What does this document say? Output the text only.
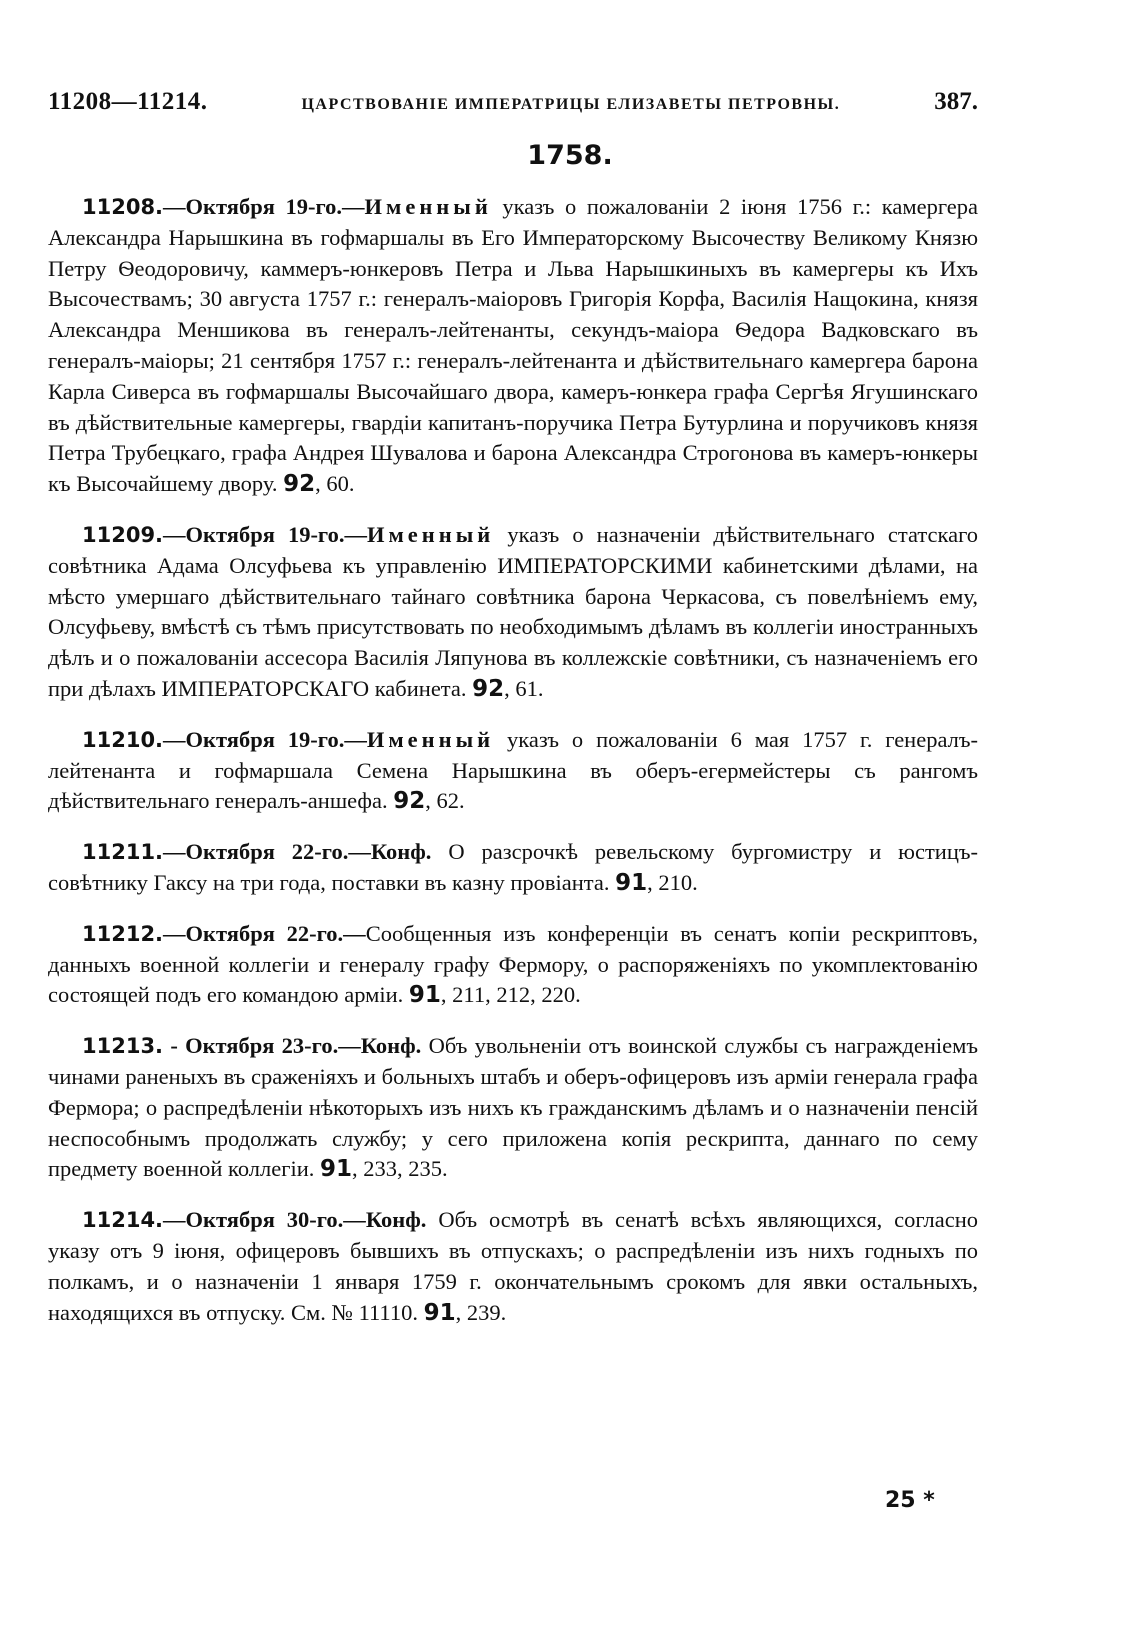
11208—11214.	ЦАРСТВОВАНІЕ ИМПЕРАТРИЦЫ ЕЛИЗАВЕТЫ ПЕТРОВНЫ.	387.
1758.

11208.—Октября 19-го.—Именный указъ о пожалованіи 2 іюня 1756 г.: камергера Александра Нарышкина въ гофмаршалы въ Его Императорскому Высочеству Великому Князю Петру Ѳеодоровичу, каммеръ-юнкеровъ Петра и Льва Нарышкиныхъ въ камергеры къ Ихъ Высочествамъ; 30 августа 1757 г.: генералъ-маіоровъ Григорія Корфа, Василія Нащокина, князя Александра Меншикова въ генералъ-лейтенанты, секундъ-маіора Ѳедора Вадковскаго въ генералъ-маіоры; 21 сентября 1757 г.: генералъ-лейтенанта и дѣйствительнаго камергера барона Карла Сиверса въ гофмаршалы Высочайшаго двора, камеръ-юнкера графа Сергѣя Ягушинскаго въ дѣйствительные камергеры, гвардіи капитанъ-поручика Петра Бутурлина и поручиковъ князя Петра Трубецкаго, графа Андрея Шувалова и барона Александра Строгонова въ камеръ-юнкеры къ Высочайшему двору. 92, 60.

11209.—Октября 19-го.—Именный указъ о назначеніи дѣйствительнаго статскаго совѣтника Адама Олсуфьева къ управленію ИМПЕРАТОРСКИМИ кабинетскими дѣлами, на мѣсто умершаго дѣйствительнаго тайнаго совѣтника барона Черкасова, съ повелѣніемъ ему, Олсуфьеву, вмѣстѣ съ тѣмъ присутствовать по необходимымъ дѣламъ въ коллегіи иностранныхъ дѣлъ и о пожалованіи ассесора Василія Ляпунова въ коллежскіе совѣтники, съ назначеніемъ его при дѣлахъ ИМПЕРАТОРСКАГО кабинета. 92, 61.

11210.—Октября 19-го.—Именный указъ о пожалованіи 6 мая 1757 г. генералъ-лейтенанта и гофмаршала Семена Нарышкина въ оберъ-егермейстеры съ рангомъ дѣйствительнаго генералъ-аншефа. 92, 62.

11211.—Октября 22-го.—Конф. О разсрочкѣ ревельскому бургомистру и юстицъ-совѣтнику Гаксу на три года, поставки въ казну провіанта. 91, 210.

11212.—Октября 22-го.—Сообщенныя изъ конференціи въ сенатъ копіи рескриптовъ, данныхъ военной коллегіи и генералу графу Фермору, о распоряженіяхъ по укомплектованію состоящей подъ его командою арміи. 91, 211, 212, 220.

11213. - Октября 23-го.—Конф. Объ увольненіи отъ воинской службы съ награжденіемъ чинами раненыхъ въ сраженіяхъ и больныхъ штабъ и оберъ-офицеровъ изъ арміи генерала графа Фермора; о распредѣленіи нѣкоторыхъ изъ нихъ къ гражданскимъ дѣламъ и о назначеніи пенсій неспособнымъ продолжать службу; у сего приложена копія рескрипта, даннаго по сему предмету военной коллегіи. 91, 233, 235.

11214.—Октября 30-го.—Конф. Объ осмотрѣ въ сенатѣ всѣхъ являющихся, согласно указу отъ 9 іюня, офицеровъ бывшихъ въ отпускахъ; о распредѣленіи изъ нихъ годныхъ по полкамъ, и о назначеніи 1 января 1759 г. окончательнымъ срокомъ для явки остальныхъ, находящихся въ отпуску. См. № 11110. 91, 239.

25 *
